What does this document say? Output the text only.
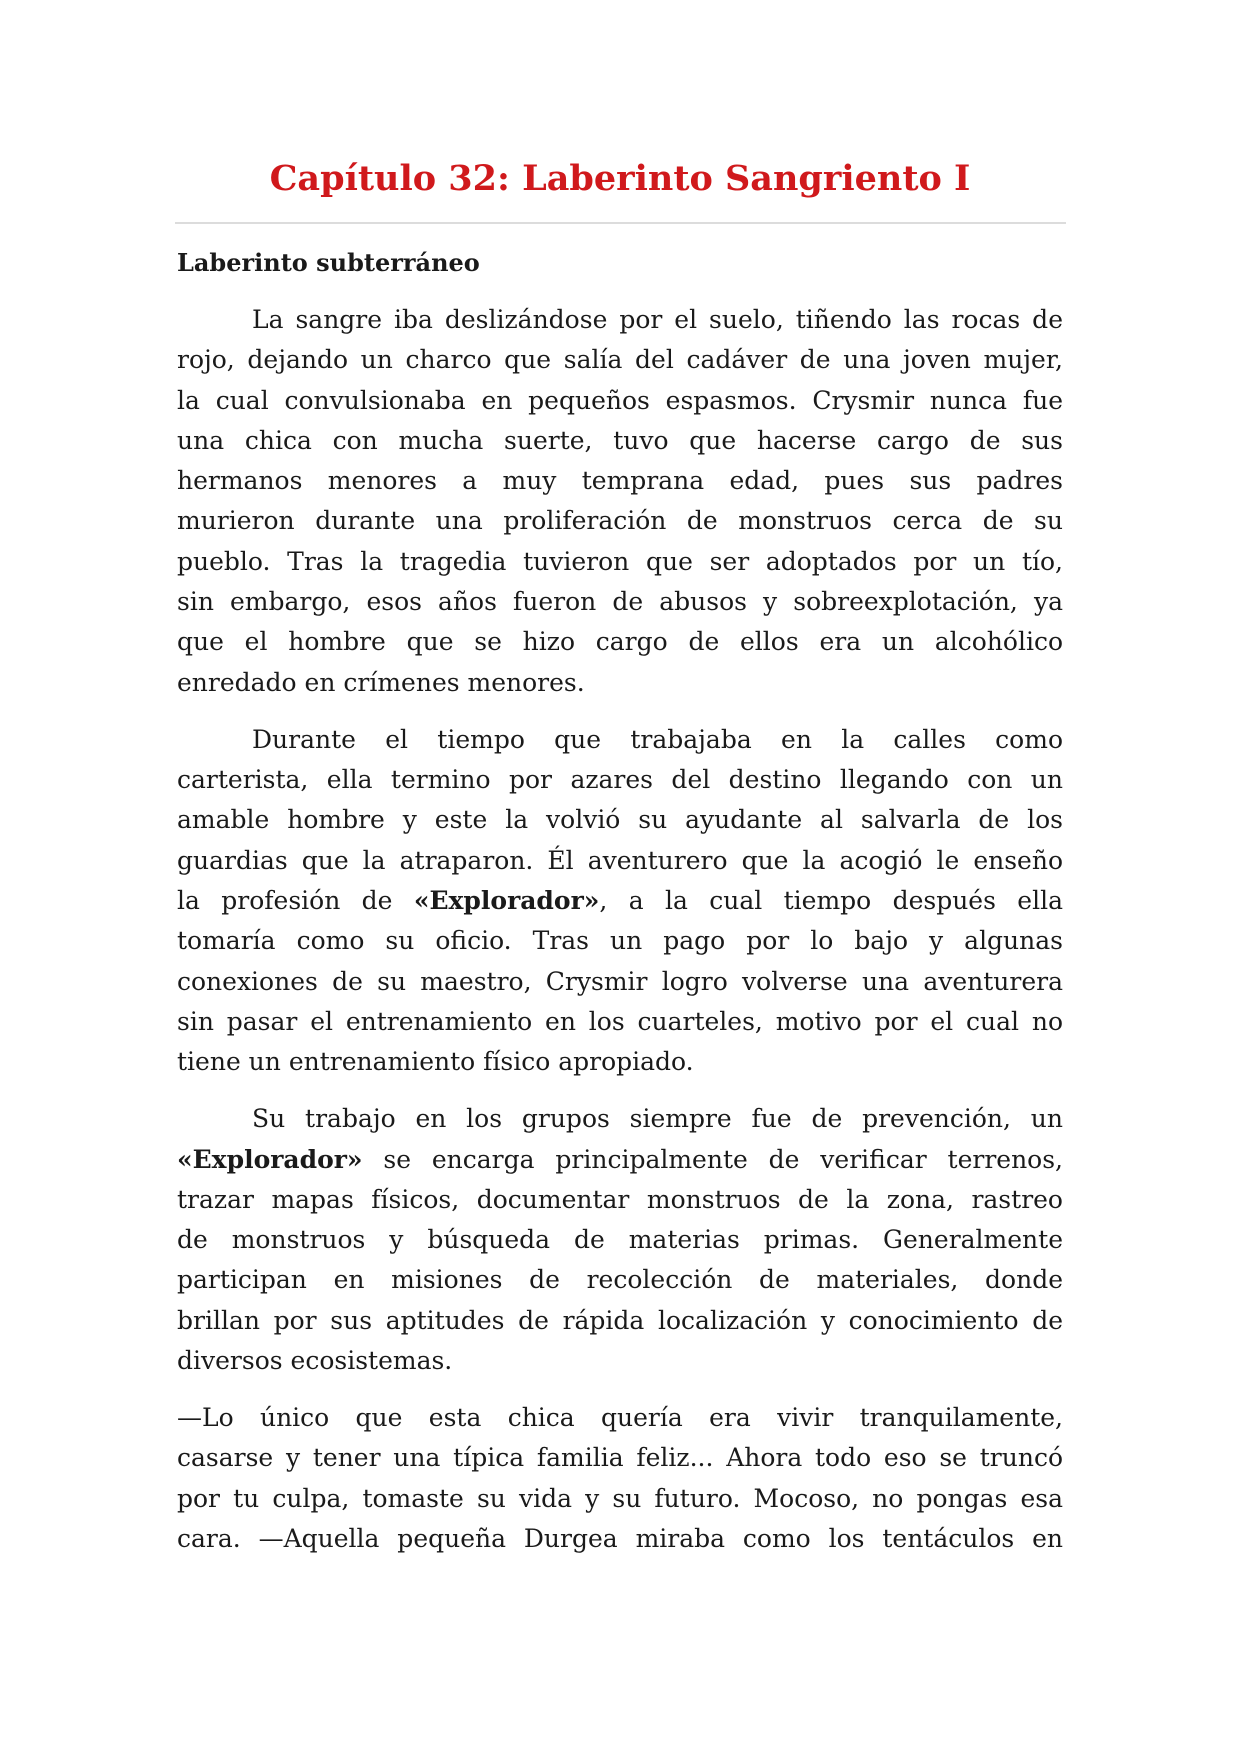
Capítulo 32: Laberinto Sangriento I
Laberinto subterráneo
La sangre iba deslizándose por el suelo, tiñendo las rocas de
rojo, dejando un charco que salía del cadáver de una joven mujer,
la cual convulsionaba en pequeños espasmos. Crysmir nunca fue
una chica con mucha suerte, tuvo que hacerse cargo de sus
hermanos menores a muy temprana edad, pues sus padres
murieron durante una proliferación de monstruos cerca de su
pueblo. Tras la tragedia tuvieron que ser adoptados por un tío,
sin embargo, esos años fueron de abusos y sobreexplotación, ya
que el hombre que se hizo cargo de ellos era un alcohólico
enredado en crímenes menores.
Durante el tiempo que trabajaba en la calles como
carterista, ella termino por azares del destino llegando con un
amable hombre y este la volvió su ayudante al salvarla de los
guardias que la atraparon. Él aventurero que la acogió le enseño
la profesión de «Explorador», a la cual tiempo después ella
tomaría como su oficio. Tras un pago por lo bajo y algunas
conexiones de su maestro, Crysmir logro volverse una aventurera
sin pasar el entrenamiento en los cuarteles, motivo por el cual no
tiene un entrenamiento físico apropiado.
Su trabajo en los grupos siempre fue de prevención, un
«Explorador» se encarga principalmente de verificar terrenos,
trazar mapas físicos, documentar monstruos de la zona, rastreo
de monstruos y búsqueda de materias primas. Generalmente
participan en misiones de recolección de materiales, donde
brillan por sus aptitudes de rápida localización y conocimiento de
diversos ecosistemas.
—Lo único que esta chica quería era vivir tranquilamente,
casarse y tener una típica familia feliz... Ahora todo eso se truncó
por tu culpa, tomaste su vida y su futuro. Mocoso, no pongas esa
cara. —Aquella pequeña Durgea miraba como los tentáculos en
